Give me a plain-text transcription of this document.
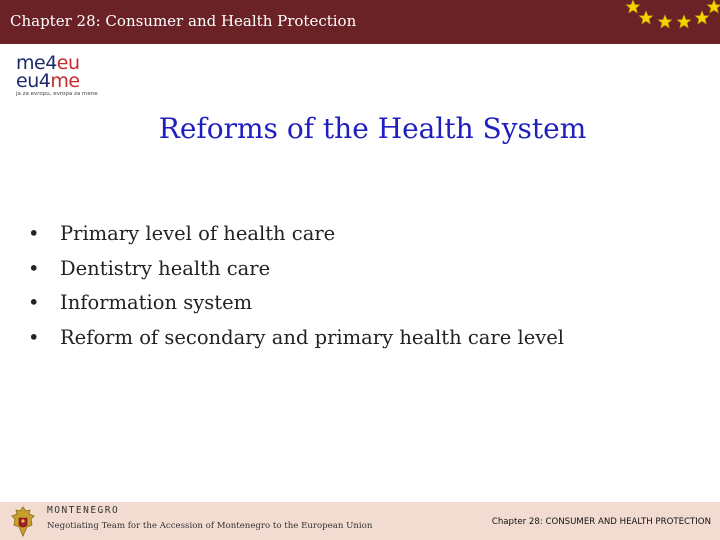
Chapter 28: Consumer and Health Protection
me4eu
eu4me
ja za evropu, evropa za mene
Reforms of the Health System
• Primary level of health care
• Dentistry health care
• Information system
• Reform of secondary and primary health care level
MONTENEGRO
Negotiating Team for the Accession of Montenegro to the European Union	Chapter 28: CONSUMER AND HEALTH PROTECTION
